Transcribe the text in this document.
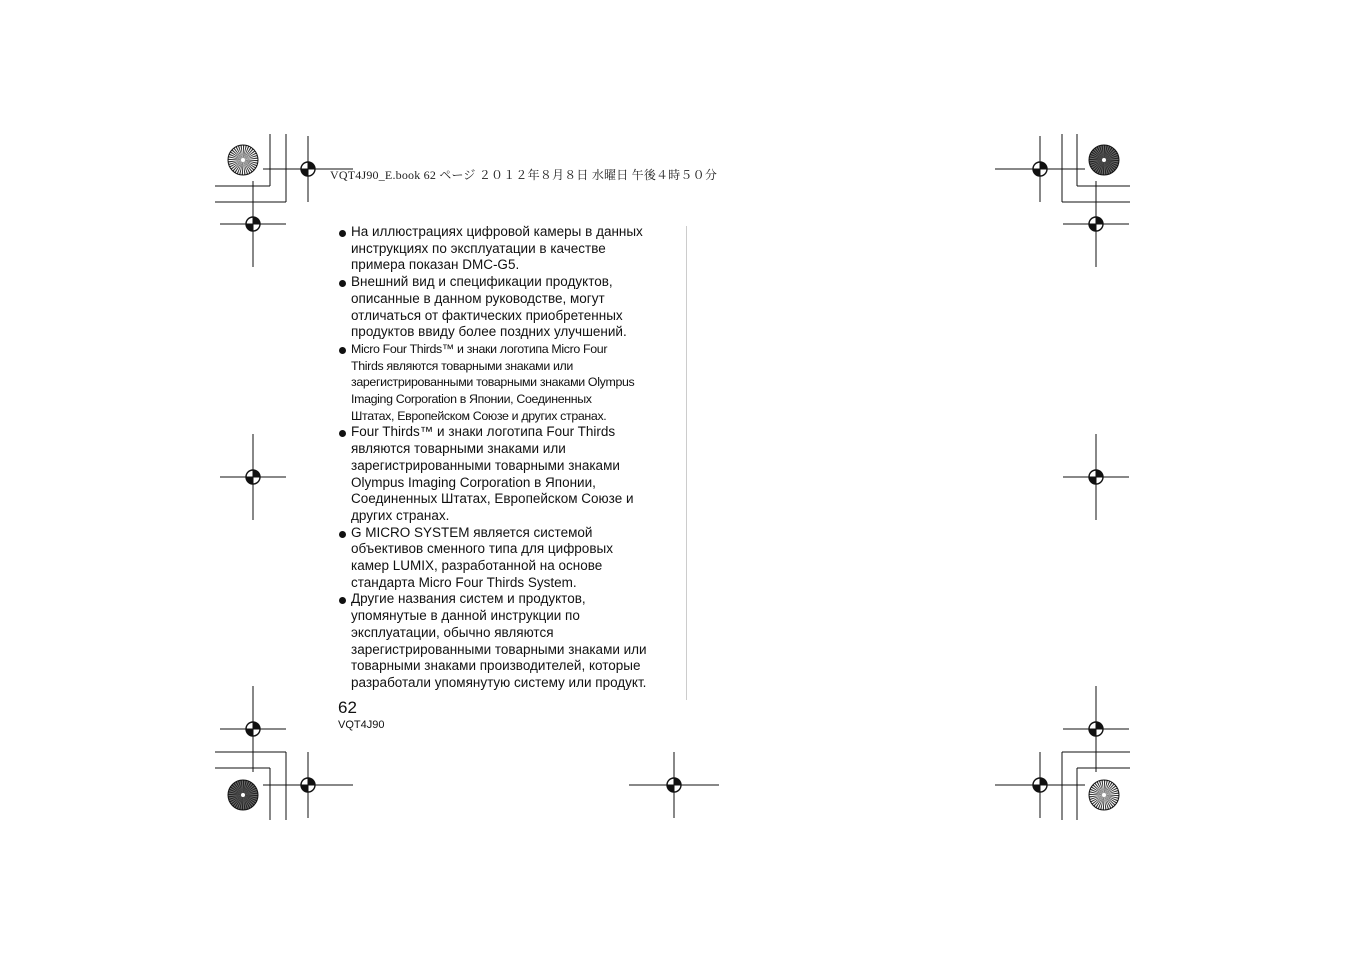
VQT4J90_E.book 62 ページ ２０１２年８月８日 水曜日 午後４時５０分
На иллюстрациях цифровой камеры в данных
инструкциях по эксплуатации в качестве
примера показан DMC-G5.
Внешний вид и спецификации продуктов,
описанные в данном руководстве, могут
отличаться от фактических приобретенных
продуктов ввиду более поздних улучшений.
Micro Four Thirds™ и знаки логотипа Micro Four
Thirds являются товарными знаками или
зарегистрированными товарными знаками Olympus
Imaging Corporation в Японии, Соединенных
Штатах, Европейском Союзе и других странах.
Four Thirds™ и знаки логотипа Four Thirds
являются товарными знаками или
зарегистрированными товарными знаками
Olympus Imaging Corporation в Японии,
Соединенных Штатах, Европейском Союзе и
других странах.
G MICRO SYSTEM является системой
объективов сменного типа для цифровых
камер LUMIX, разработанной на основе
стандарта Micro Four Thirds System.
Другие названия систем и продуктов,
упомянутые в данной инструкции по
эксплуатации, обычно являются
зарегистрированными товарными знаками или
товарными знаками производителей, которые
разработали упомянутую систему или продукт.
62
VQT4J90
